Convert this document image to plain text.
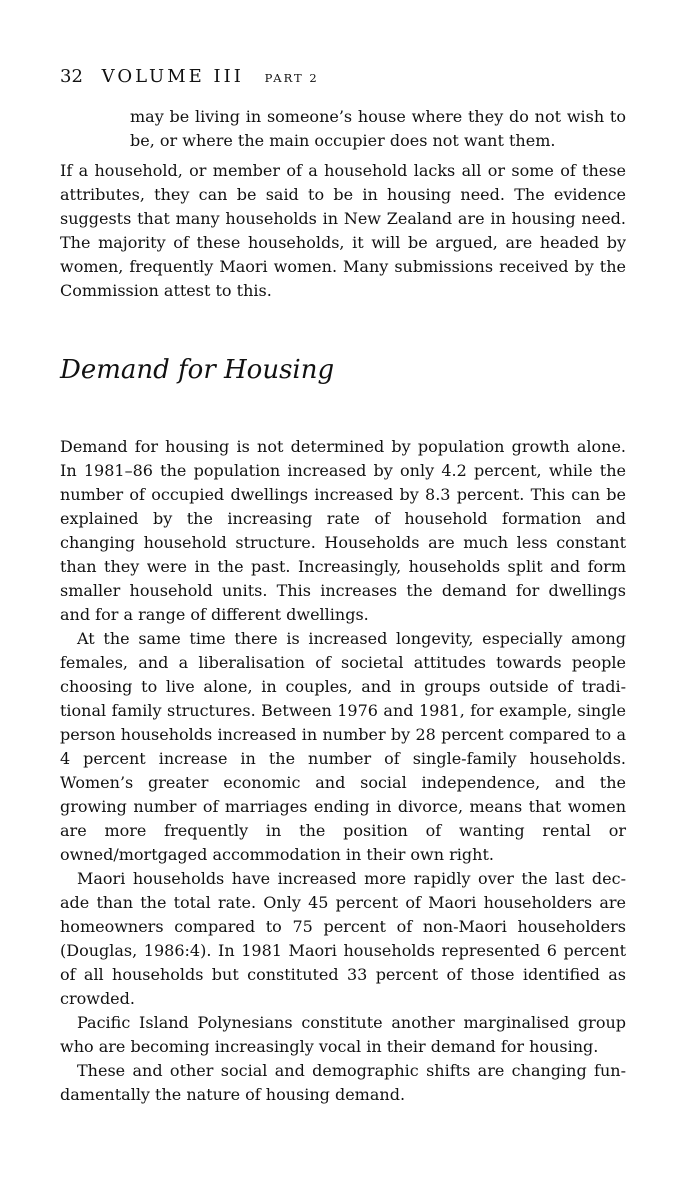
32 VOLUME III PART 2
may be living in someone’s house where they do not wish to be, or where the main occupier does not want them.

If a household, or member of a household lacks all or some of these attributes, they can be said to be in housing need. The evidence suggests that many households in New Zealand are in housing need. The majority of these households, it will be argued, are headed by women, frequently Maori women. Many submissions received by the Commission attest to this.

Demand for Housing

Demand for housing is not determined by population growth alone. In 1981–86 the population increased by only 4.2 percent, while the number of occupied dwellings increased by 8.3 percent. This can be explained by the increasing rate of household formation and changing household structure. Households are much less constant than they were in the past. Increasingly, households split and form smaller household units. This increases the demand for dwellings and for a range of different dwellings.

At the same time there is increased longevity, especially among females, and a liberalisation of societal attitudes towards people choosing to live alone, in couples, and in groups outside of traditional family structures. Between 1976 and 1981, for example, single person households increased in number by 28 percent compared to a 4 percent increase in the number of single-family households. Women’s greater economic and social independence, and the growing number of marriages ending in divorce, means that women are more frequently in the position of wanting rental or owned/mortgaged accommodation in their own right.

Maori households have increased more rapidly over the last decade than the total rate. Only 45 percent of Maori householders are homeowners compared to 75 percent of non-Maori householders (Douglas, 1986:4). In 1981 Maori households represented 6 percent of all households but constituted 33 percent of those identified as crowded.

Pacific Island Polynesians constitute another marginalised group who are becoming increasingly vocal in their demand for housing.

These and other social and demographic shifts are changing fundamentally the nature of housing demand.
